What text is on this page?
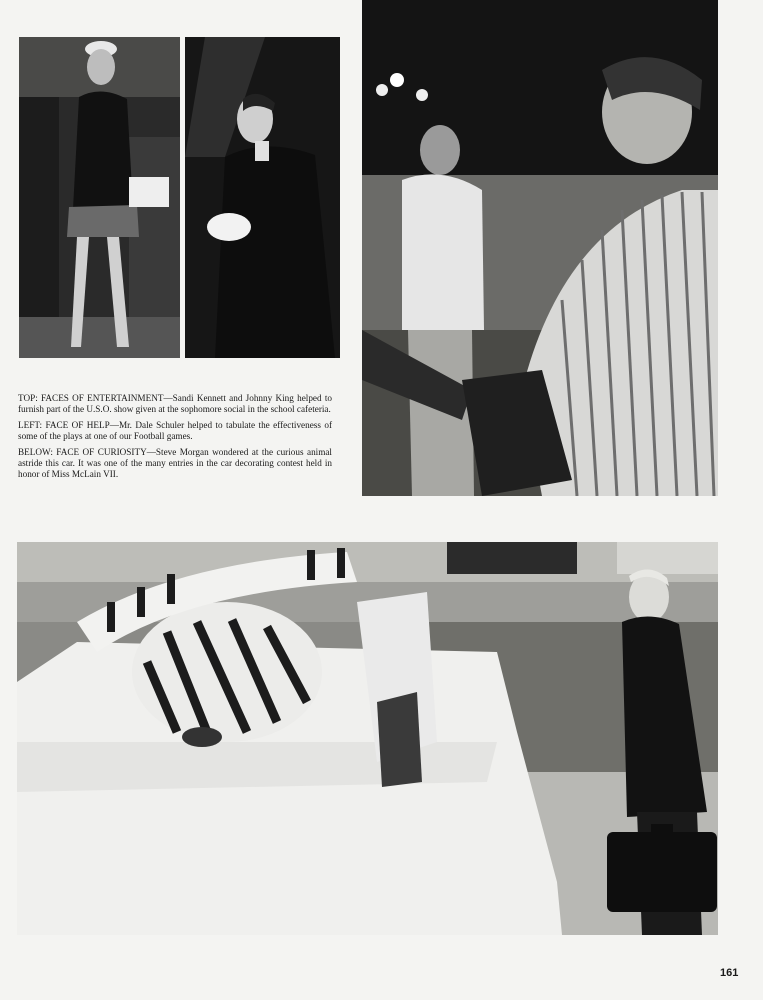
TOP: FACES OF ENTERTAINMENT—Sandi Kennett and Johnny King helped to furnish part of the U.S.O. show given at the sophomore social in the school cafeteria.

LEFT: FACE OF HELP—Mr. Dale Schuler helped to tabulate the effectiveness of some of the plays at one of our Football games.

BELOW: FACE OF CURIOSITY—Steve Morgan wondered at the curious animal astride this car. It was one of the many entries in the car decorating contest held in honor of Miss McLain VII.

161
